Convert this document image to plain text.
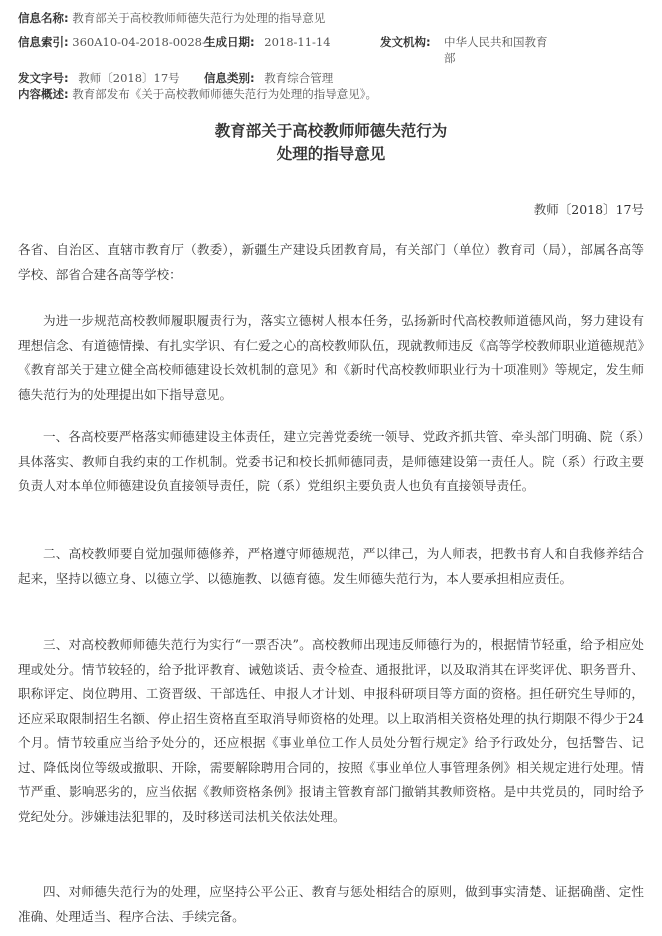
信息名称: 教育部关于高校教师师德失范行为处理的指导意见
信息索引: 360A10-04-2018-0028-1
生成日期: 2018-11-14	发文机构: 中华人民共和国教育
部
发文字号: 教师〔2018〕17号 信息类别: 教育综合管理
内容概述: 教育部发布《关于高校教师师德失范行为处理的指导意见》。
教育部关于高校教师师德失范行为
处理的指导意见
教师〔2018〕17号

各省、自治区、直辖市教育厅（教委），新疆生产建设兵团教育局，有关部门（单位）教育司（局），部属各高等学校、部省合建各高等学校：

为进一步规范高校教师履职履责行为，落实立德树人根本任务，弘扬新时代高校教师道德风尚，努力建设有理想信念、有道德情操、有扎实学识、有仁爱之心的高校教师队伍，现就教师违反《高等学校教师职业道德规范》《教育部关于建立健全高校师德建设长效机制的意见》和《新时代高校教师职业行为十项准则》等规定，发生师德失范行为的处理提出如下指导意见。

一、各高校要严格落实师德建设主体责任，建立完善党委统一领导、党政齐抓共管、牵头部门明确、院（系）具体落实、教师自我约束的工作机制。党委书记和校长抓师德同责，是师德建设第一责任人。院（系）行政主要负责人对本单位师德建设负直接领导责任，院（系）党组织主要负责人也负有直接领导责任。

二、高校教师要自觉加强师德修养，严格遵守师德规范，严以律己，为人师表，把教书育人和自我修养结合起来，坚持以德立身、以德立学、以德施教、以德育德。发生师德失范行为，本人要承担相应责任。

三、对高校教师师德失范行为实行“一票否决”。高校教师出现违反师德行为的，根据情节轻重，给予相应处理或处分。情节较轻的，给予批评教育、诫勉谈话、责令检查、通报批评，以及取消其在评奖评优、职务晋升、职称评定、岗位聘用、工资晋级、干部选任、申报人才计划、申报科研项目等方面的资格。担任研究生导师的，还应采取限制招生名额、停止招生资格直至取消导师资格的处理。以上取消相关资格处理的执行期限不得少于24个月。情节较重应当给予处分的，还应根据《事业单位工作人员处分暂行规定》给予行政处分，包括警告、记过、降低岗位等级或撤职、开除，需要解除聘用合同的，按照《事业单位人事管理条例》相关规定进行处理。情节严重、影响恶劣的，应当依据《教师资格条例》报请主管教育部门撤销其教师资格。是中共党员的，同时给予党纪处分。涉嫌违法犯罪的，及时移送司法机关依法处理。

四、对师德失范行为的处理，应坚持公平公正、教育与惩处相结合的原则，做到事实清楚、证据确凿、定性准确、处理适当、程序合法、手续完备。
